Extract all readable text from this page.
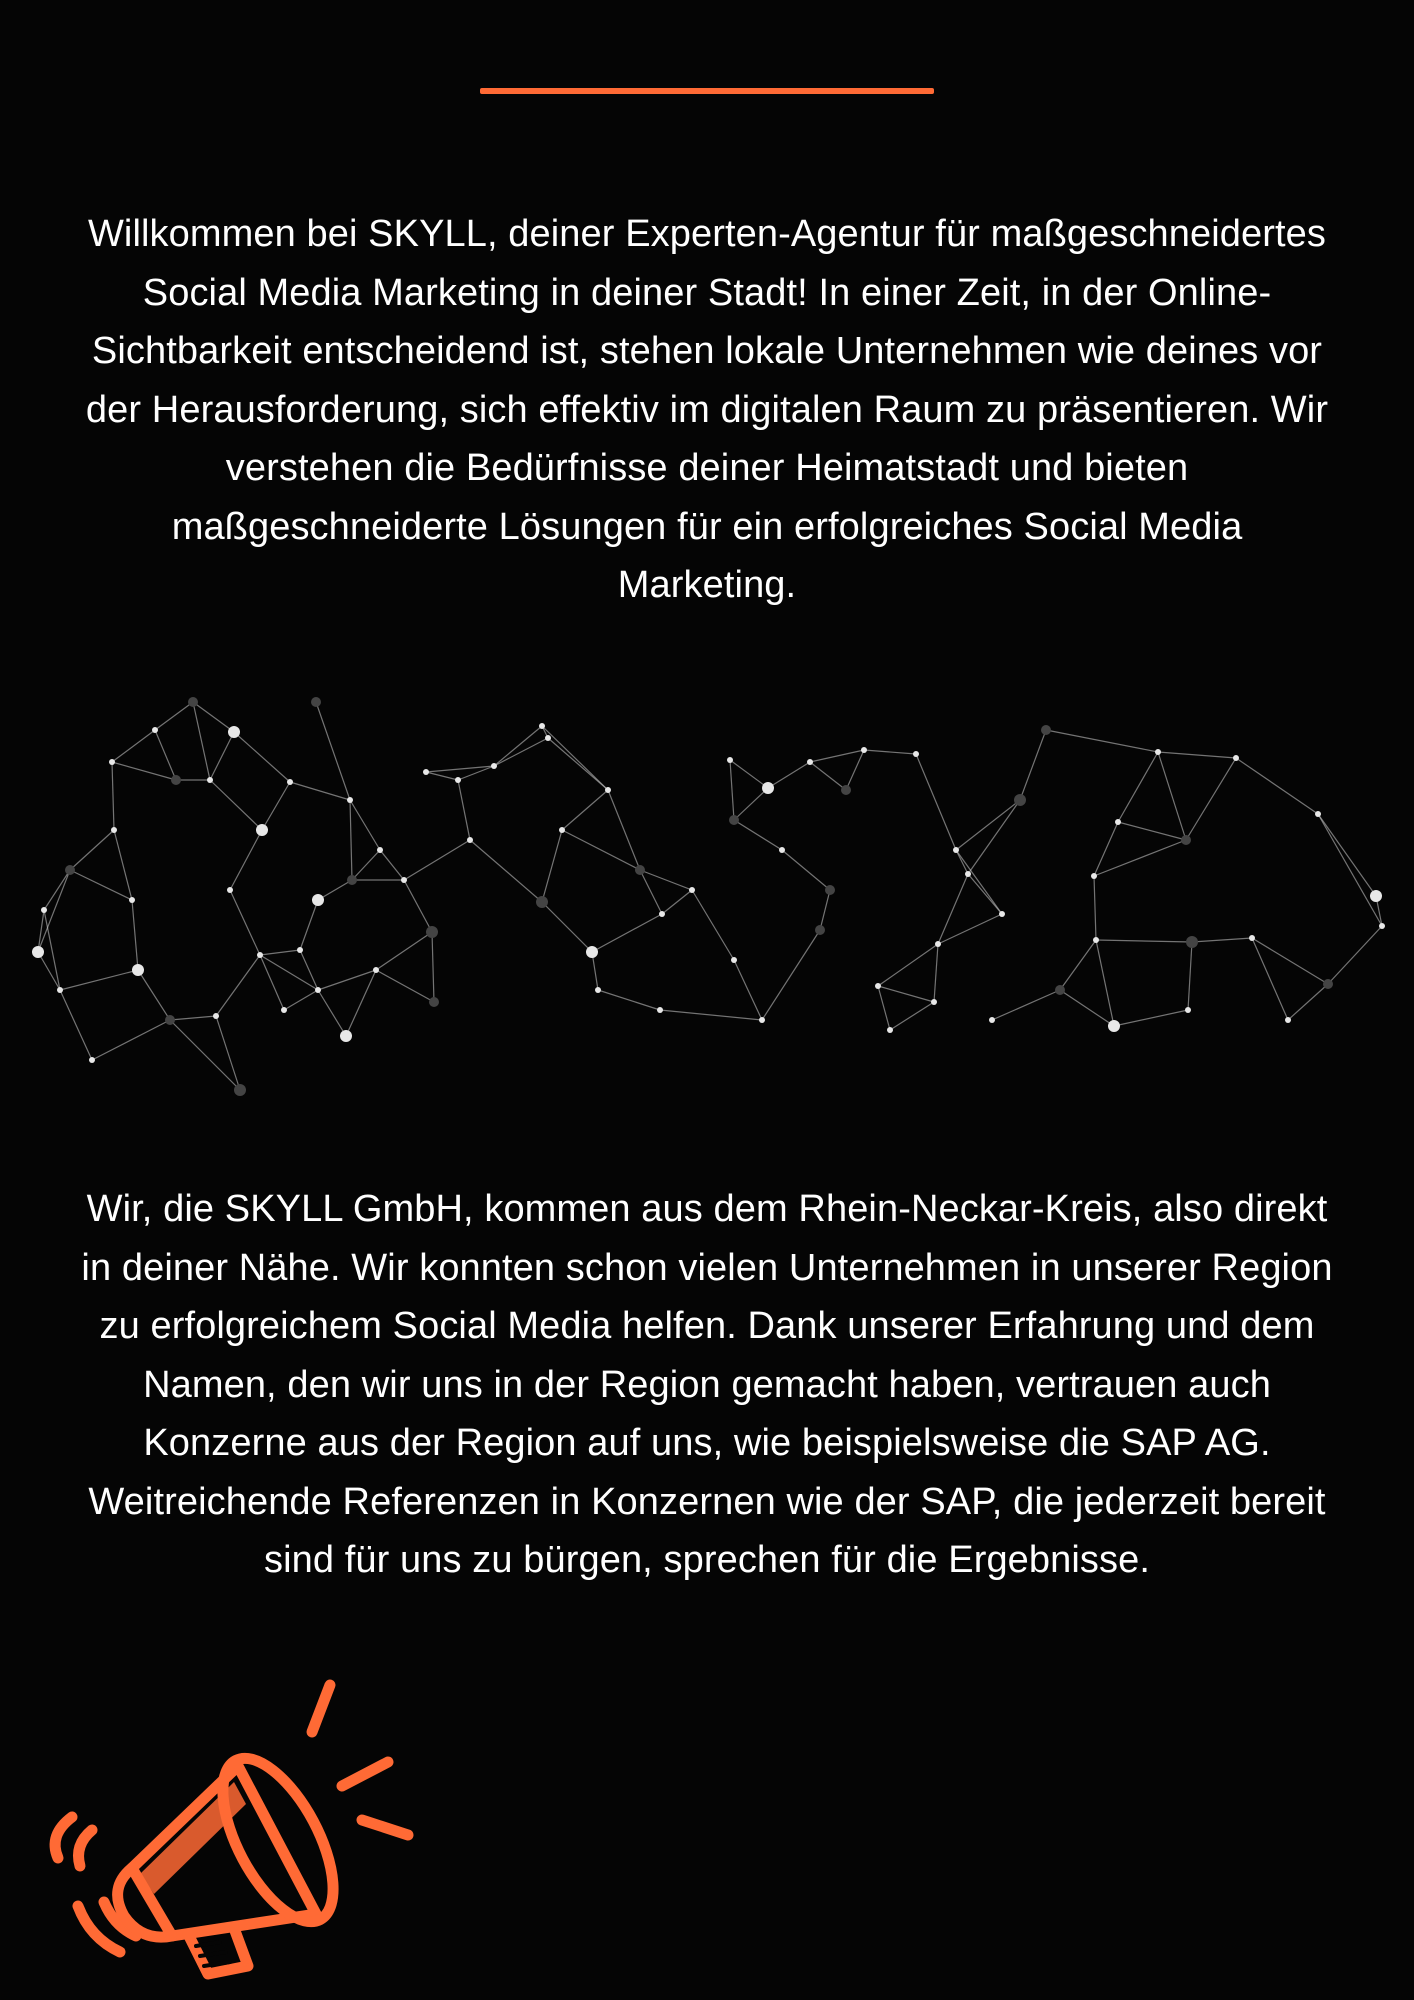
Willkommen bei SKYLL, deiner Experten-Agentur für maßgeschneidertes Social Media Marketing in deiner Stadt! In einer Zeit, in der Online-Sichtbarkeit entscheidend ist, stehen lokale Unternehmen wie deines vor der Herausforderung, sich effektiv im digitalen Raum zu präsentieren. Wir verstehen die Bedürfnisse deiner Heimatstadt und bieten maßgeschneiderte Lösungen für ein erfolgreiches Social Media Marketing.

Wir, die SKYLL GmbH, kommen aus dem Rhein-Neckar-Kreis, also direkt in deiner Nähe. Wir konnten schon vielen Unternehmen in unserer Region zu erfolgreichem Social Media helfen. Dank unserer Erfahrung und dem Namen, den wir uns in der Region gemacht haben, vertrauen auch Konzerne aus der Region auf uns, wie beispielsweise die SAP AG. Weitreichende Referenzen in Konzernen wie der SAP, die jederzeit bereit sind für uns zu bürgen, sprechen für die Ergebnisse.
